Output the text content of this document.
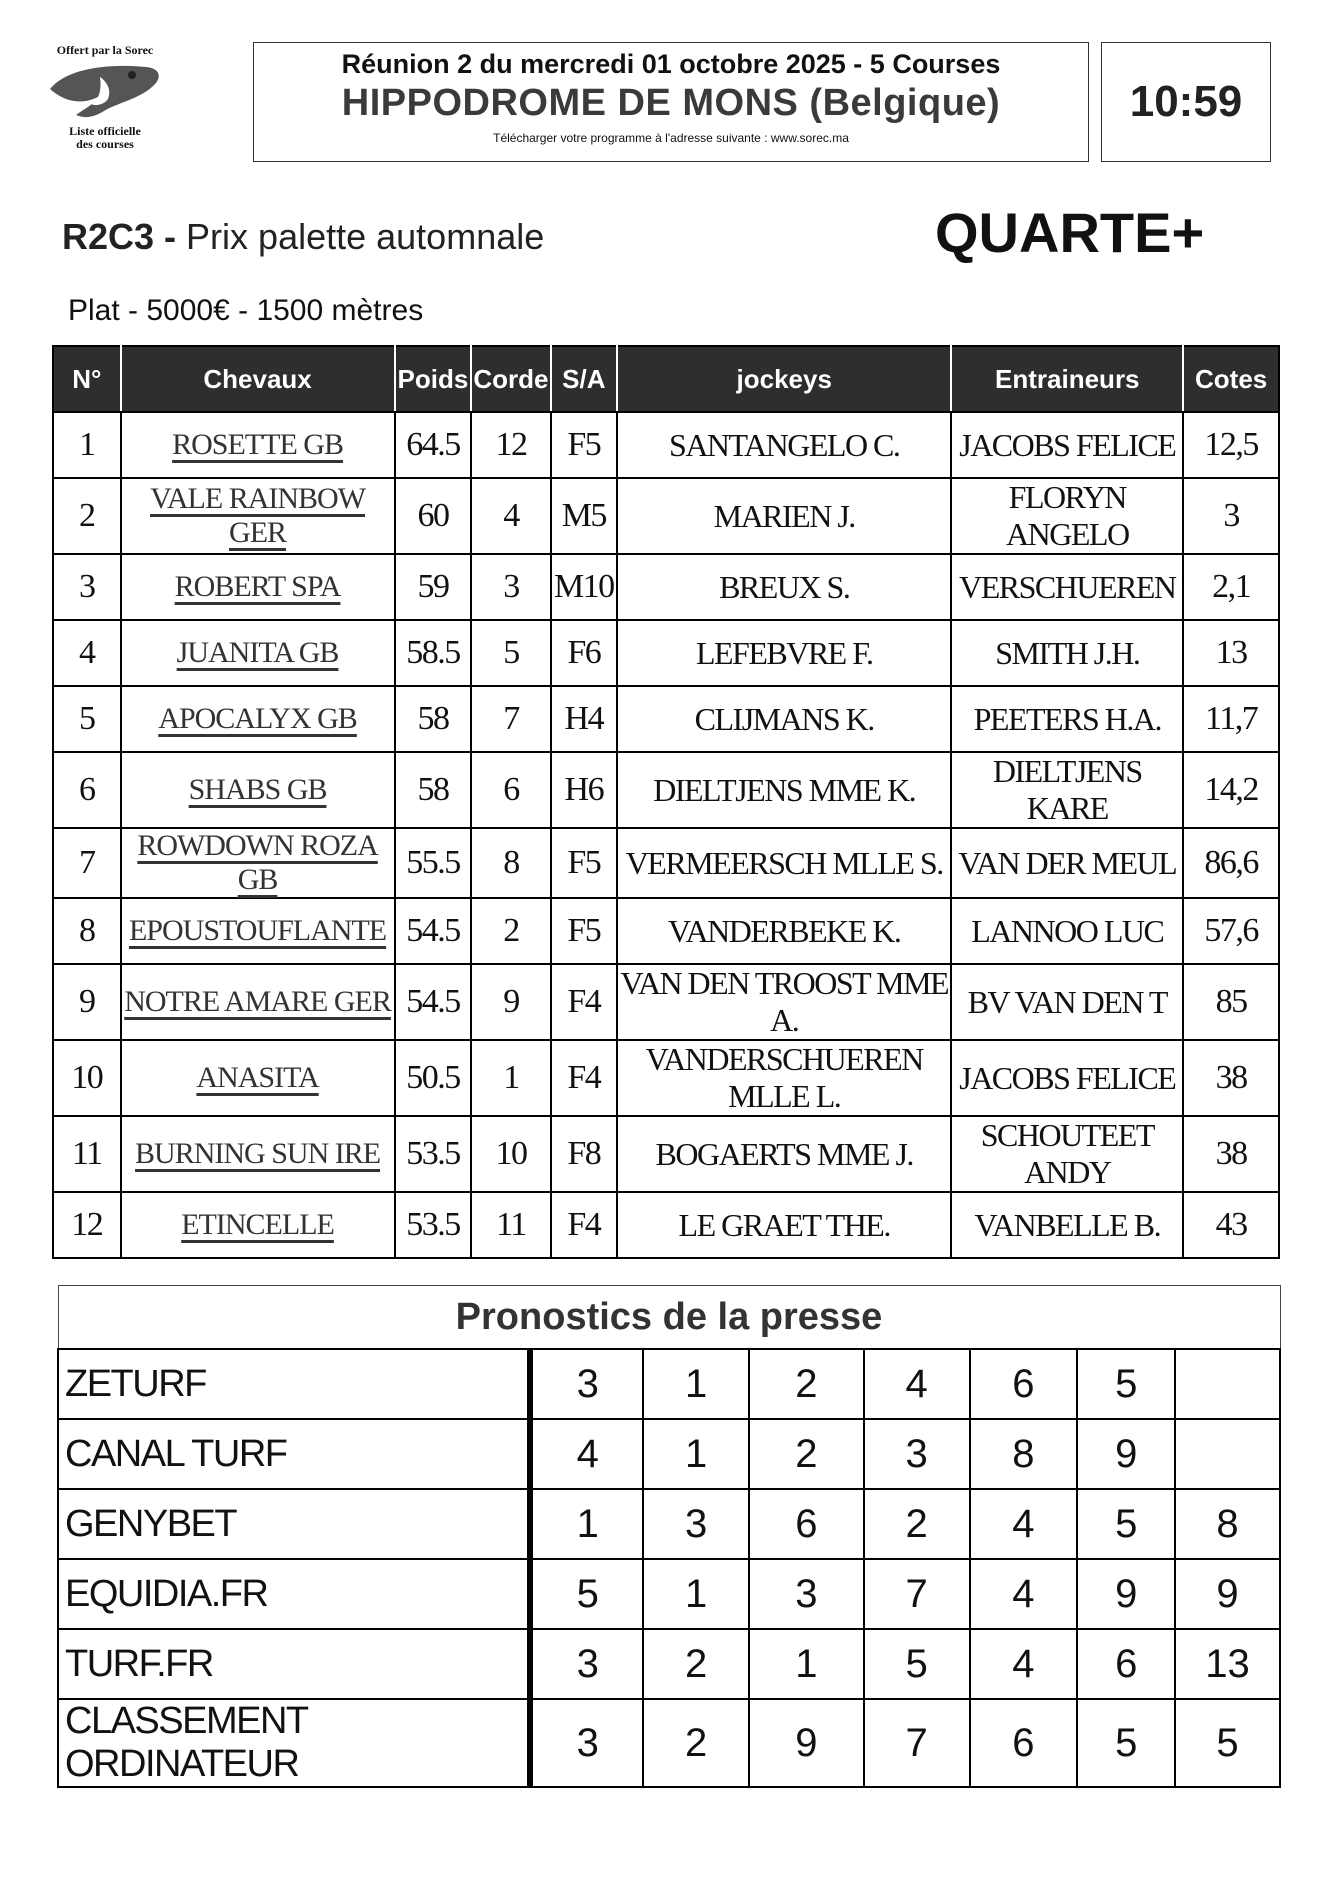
Offert par la Sorec
Liste officielle
des courses
Réunion 2 du mercredi 01 octobre 2025 - 5 Courses
HIPPODROME DE MONS (Belgique)
Télécharger votre programme à l'adresse suivante : www.sorec.ma
10:59
R2C3 - Prix palette automnale	QUARTE+
Plat - 5000€ - 1500 mètres
N°	Chevaux	Poids	Corde	S/A	jockeys	Entraineurs	Cotes
1	ROSETTE GB	64.5	12	F5	SANTANGELO C.	JACOBS FELICE	12,5
2	VALE RAINBOW GER	60	4	M5	MARIEN J.	FLORYN ANGELO	3
3	ROBERT SPA	59	3	M10	BREUX S.	VERSCHUEREN	2,1
4	JUANITA GB	58.5	5	F6	LEFEBVRE F.	SMITH J.H.	13
5	APOCALYX GB	58	7	H4	CLIJMANS K.	PEETERS H.A.	11,7
6	SHABS GB	58	6	H6	DIELTJENS MME K.	DIELTJENS KARE	14,2
7	ROWDOWN ROZA GB	55.5	8	F5	VERMEERSCH MLLE S.	VAN DER MEUL	86,6
8	EPOUSTOUFLANTE	54.5	2	F5	VANDERBEKE K.	LANNOO LUC	57,6
9	NOTRE AMARE GER	54.5	9	F4	VAN DEN TROOST MME A.	BV VAN DEN T	85
10	ANASITA	50.5	1	F4	VANDERSCHUEREN MLLE L.	JACOBS FELICE	38
11	BURNING SUN IRE	53.5	10	F8	BOGAERTS MME J.	SCHOUTEET ANDY	38
12	ETINCELLE	53.5	11	F4	LE GRAET THE.	VANBELLE B.	43
Pronostics de la presse							
ZETURF	3	1	2	4	6	5	
CANAL TURF	4	1	2	3	8	9	
GENYBET	1	3	6	2	4	5	8
EQUIDIA.FR	5	1	3	7	4	9	9
TURF.FR	3	2	1	5	4	6	13
CLASSEMENT ORDINATEUR	3	2	9	7	6	5	5
